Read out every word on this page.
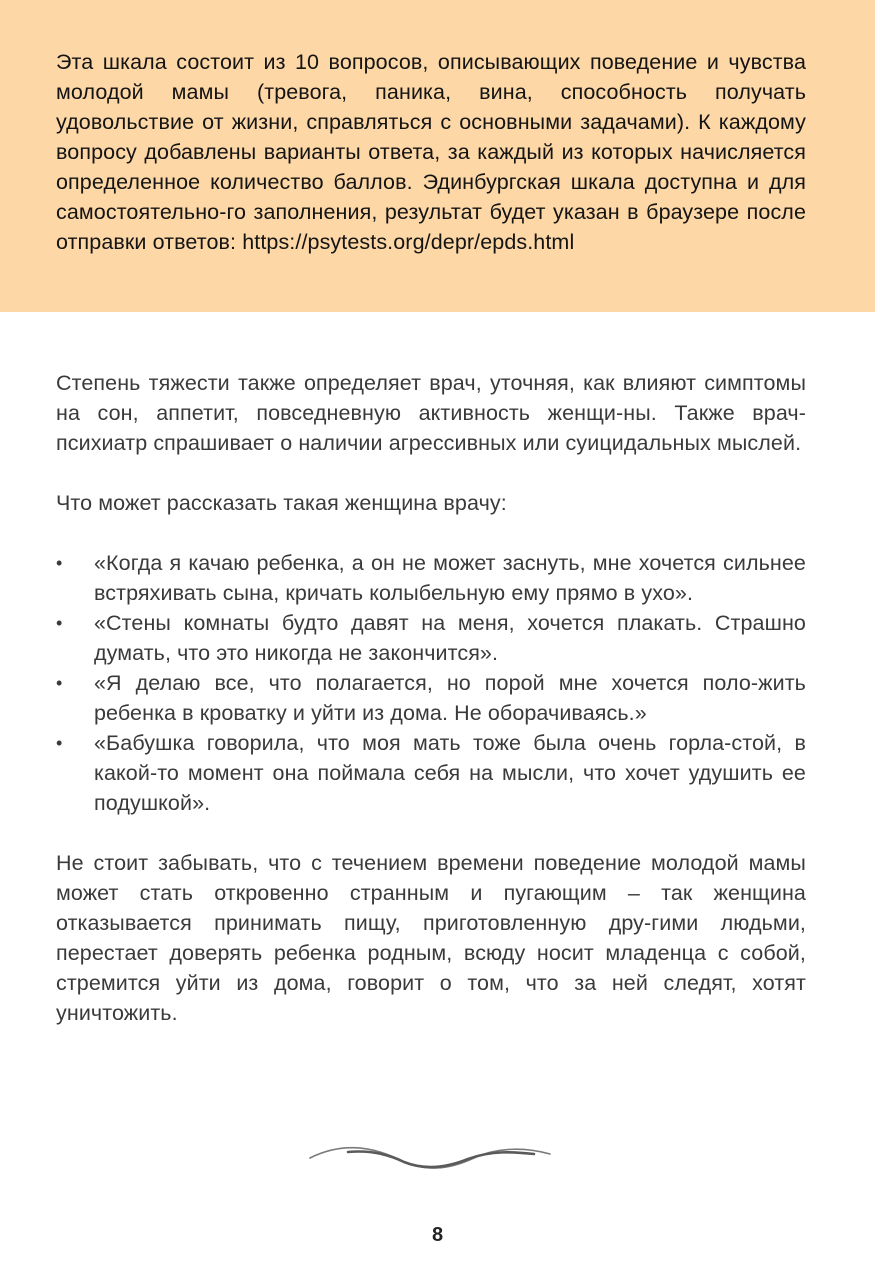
Эта шкала состоит из 10 вопросов, описывающих поведение и чувства молодой мамы (тревога, паника, вина, способность получать удовольствие от жизни, справляться с основными задачами). К каждому вопросу добавлены варианты ответа, за каждый из которых начисляется определенное количество баллов. Эдинбургская шкала доступна и для самостоятельно-го заполнения, результат будет указан в браузере после отправки ответов: https://psytests.org/depr/epds.html

Степень тяжести также определяет врач, уточняя, как влияют симптомы на сон, аппетит, повседневную активность женщи-ны. Также врач-психиатр спрашивает о наличии агрессивных или суицидальных мыслей.

Что может рассказать такая женщина врачу:

• «Когда я качаю ребенка, а он не может заснуть, мне хочется сильнее встряхивать сына, кричать колыбельную ему прямо в ухо».
• «Стены комнаты будто давят на меня, хочется плакать. Страшно думать, что это никогда не закончится».
• «Я делаю все, что полагается, но порой мне хочется поло-жить ребенка в кроватку и уйти из дома. Не оборачиваясь.»
• «Бабушка говорила, что моя мать тоже была очень горла-стой, в какой-то момент она поймала себя на мысли, что хочет удушить ее подушкой».

Не стоит забывать, что с течением времени поведение молодой мамы может стать откровенно странным и пугающим – так женщина отказывается принимать пищу, приготовленную дру-гими людьми, перестает доверять ребенка родным, всюду носит младенца с собой, стремится уйти из дома, говорит о том, что за ней следят, хотят уничтожить.

8
